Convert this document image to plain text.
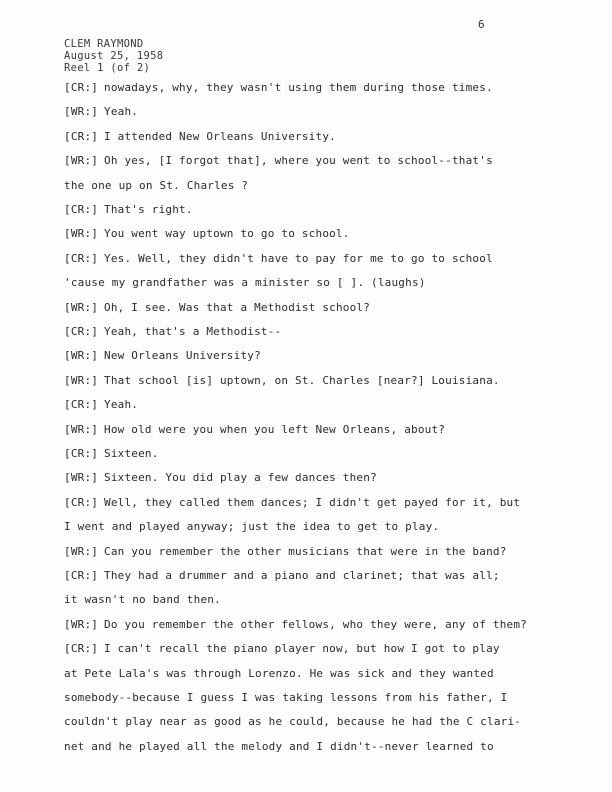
6
CLEM RAYMOND
August 25, 1958
Reel 1 (of 2)
[CR:] nowadays, why, they wasn't using them during those times.
[WR:] Yeah.
[CR:] I attended New Orleans University.
[WR:] Oh yes, [I forgot that], where you went to school--that's
the one up on St. Charles ?
[CR:] That's right.
[WR:] You went way uptown to go to school.
[CR:] Yes. Well, they didn't have to pay for me to go to school
'cause my grandfather was a minister so [ ]. (laughs)
[WR:] Oh, I see. Was that a Methodist school?
[CR:] Yeah, that's a Methodist--
[WR:] New Orleans University?
[WR:] That school [is] uptown, on St. Charles [near?] Louisiana.
[CR:] Yeah.
[WR:] How old were you when you left New Orleans, about?
[CR:] Sixteen.
[WR:] Sixteen. You did play a few dances then?
[CR:] Well, they called them dances; I didn't get payed for it, but
I went and played anyway; just the idea to get to play.
[WR:] Can you remember the other musicians that were in the band?
[CR:] They had a drummer and a piano and clarinet; that was all;
it wasn't no band then.
[WR:] Do you remember the other fellows, who they were, any of them?
[CR:] I can't recall the piano player now, but how I got to play
at Pete Lala's was through Lorenzo. He was sick and they wanted
somebody--because I guess I was taking lessons from his father, I
couldn't play near as good as he could, because he had the C clari-
net and he played all the melody and I didn't--never learned to
